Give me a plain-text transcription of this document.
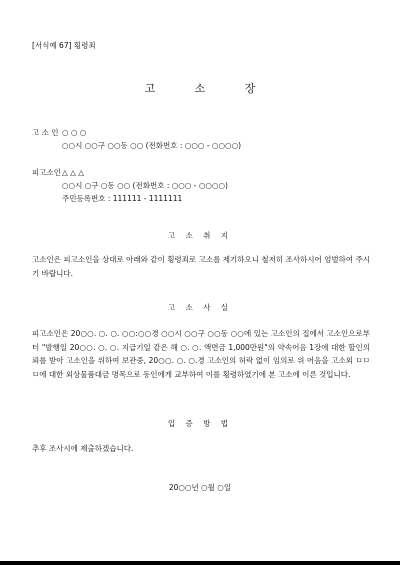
[서식예 67] 횡령죄
고 소 장
고 소 인 ○ ○ ○
○○시 ○○구 ○○동 ○○ (전화번호 : ○○○ - ○○○○)
피고소인 △ △ △
○○시 ○구 ○동 ○○ (전화번호 : ○○○ - ○○○○)
주민등록번호 : 111111 - 1111111
고 소 취 지
고소인은 피고소인을 상대로 아래와 같이 횡령죄로 고소를 제기하오니 철저히 조사하시어 엄벌하여 주시기 바랍니다.
고 소 사 실
피고소인은 20○○. ○. ○. ○○:○○경 ○○시 ○○구 ○○동 ○○에 있는 고소인의 집에서 고소인으로부터 "발행일 20○○. ○. ○. 지급기일 같은 해 ○. ○. 액면금 1,000만원"의 약속어음 1장에 대한 할인의뢰를 받아 고소인을 위하여 보관중, 20○○. ○. ○.경 고소인의 허락 없이 임의로 위 어음을 고소외 ㅁㅁㅁ에 대한 외상물품대금 명목으로 동인에게 교부하여 이를 횡령하였기에 본 고소에 이른 것입니다.
입 증 방 법
추후 조사시에 제출하겠습니다.
20○○년 ○월 ○일
